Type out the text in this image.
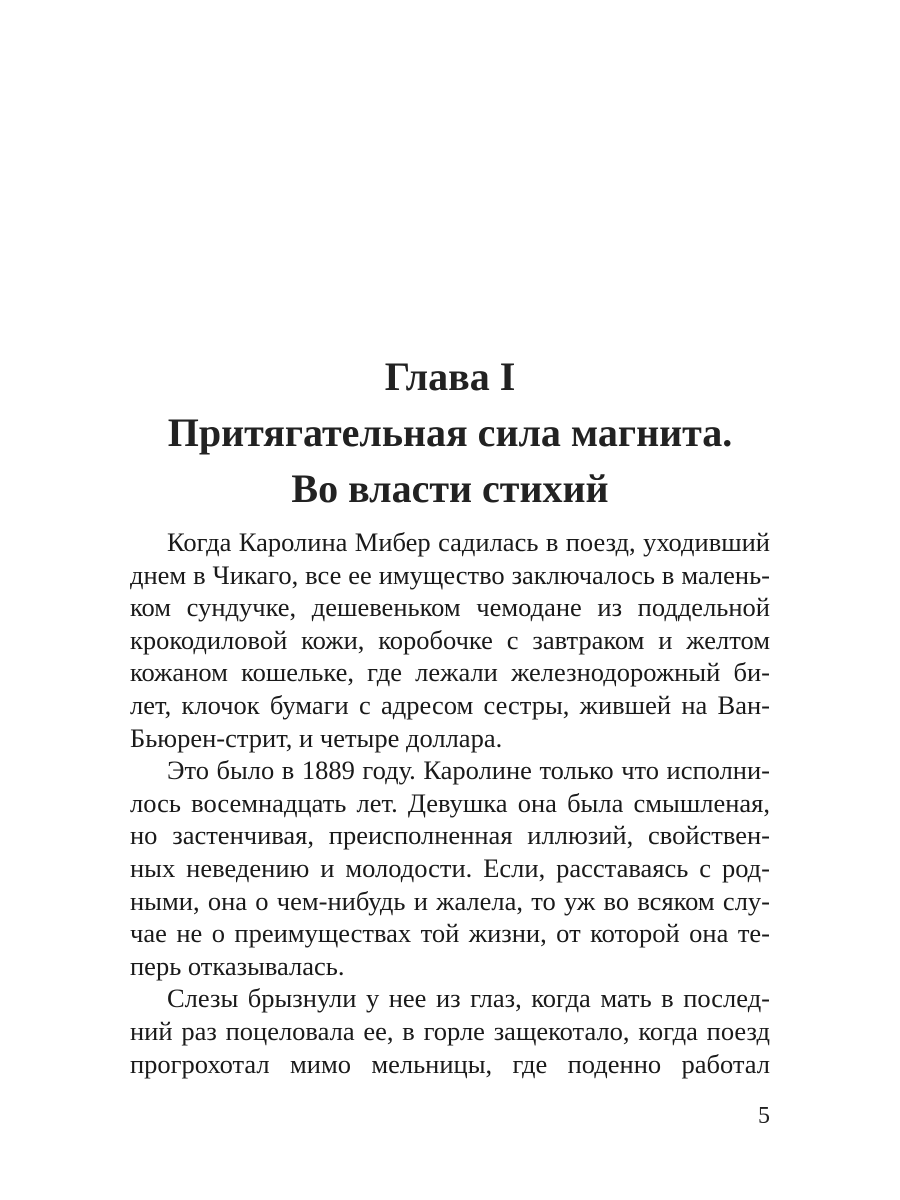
Глава I
Притягательная сила магнита.
Во власти стихий
Когда Каролина Мибер садилась в поезд, уходивший
днем в Чикаго, все ее имущество заключалось в малень-
ком сундучке, дешевеньком чемодане из поддельной
крокодиловой кожи, коробочке с завтраком и желтом
кожаном кошельке, где лежали железнодорожный би-
лет, клочок бумаги с адресом сестры, жившей на Ван-
Бьюрен-стрит, и четыре доллара.
Это было в 1889 году. Каролине только что исполни-
лось восемнадцать лет. Девушка она была смышленая,
но застенчивая, преисполненная иллюзий, свойствен-
ных неведению и молодости. Если, расставаясь с род-
ными, она о чем-нибудь и жалела, то уж во всяком слу-
чае не о преимуществах той жизни, от которой она те-
перь отказывалась.
Слезы брызнули у нее из глаз, когда мать в послед-
ний раз поцеловала ее, в горле защекотало, когда поезд
прогрохотал мимо мельницы, где поденно работал
5
